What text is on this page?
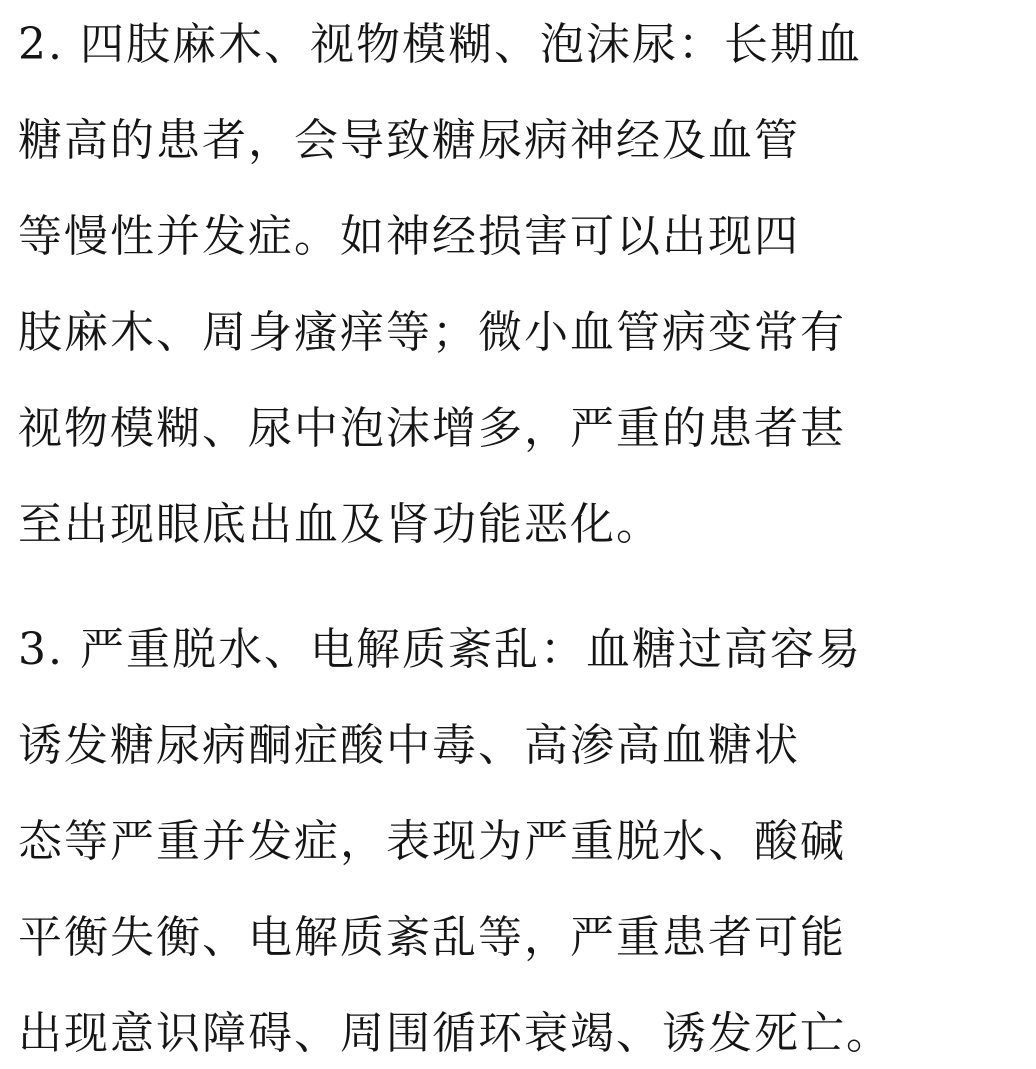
2. 四肢麻木、视物模糊、泡沫尿：长期血
糖高的患者，会导致糖尿病神经及血管
等慢性并发症。如神经损害可以出现四
肢麻木、周身瘙痒等；微小血管病变常有
视物模糊、尿中泡沫增多，严重的患者甚
至出现眼底出血及肾功能恶化。
3. 严重脱水、电解质紊乱：血糖过高容易
诱发糖尿病酮症酸中毒、高渗高血糖状
态等严重并发症，表现为严重脱水、酸碱
平衡失衡、电解质紊乱等，严重患者可能
出现意识障碍、周围循环衰竭、诱发死亡。
